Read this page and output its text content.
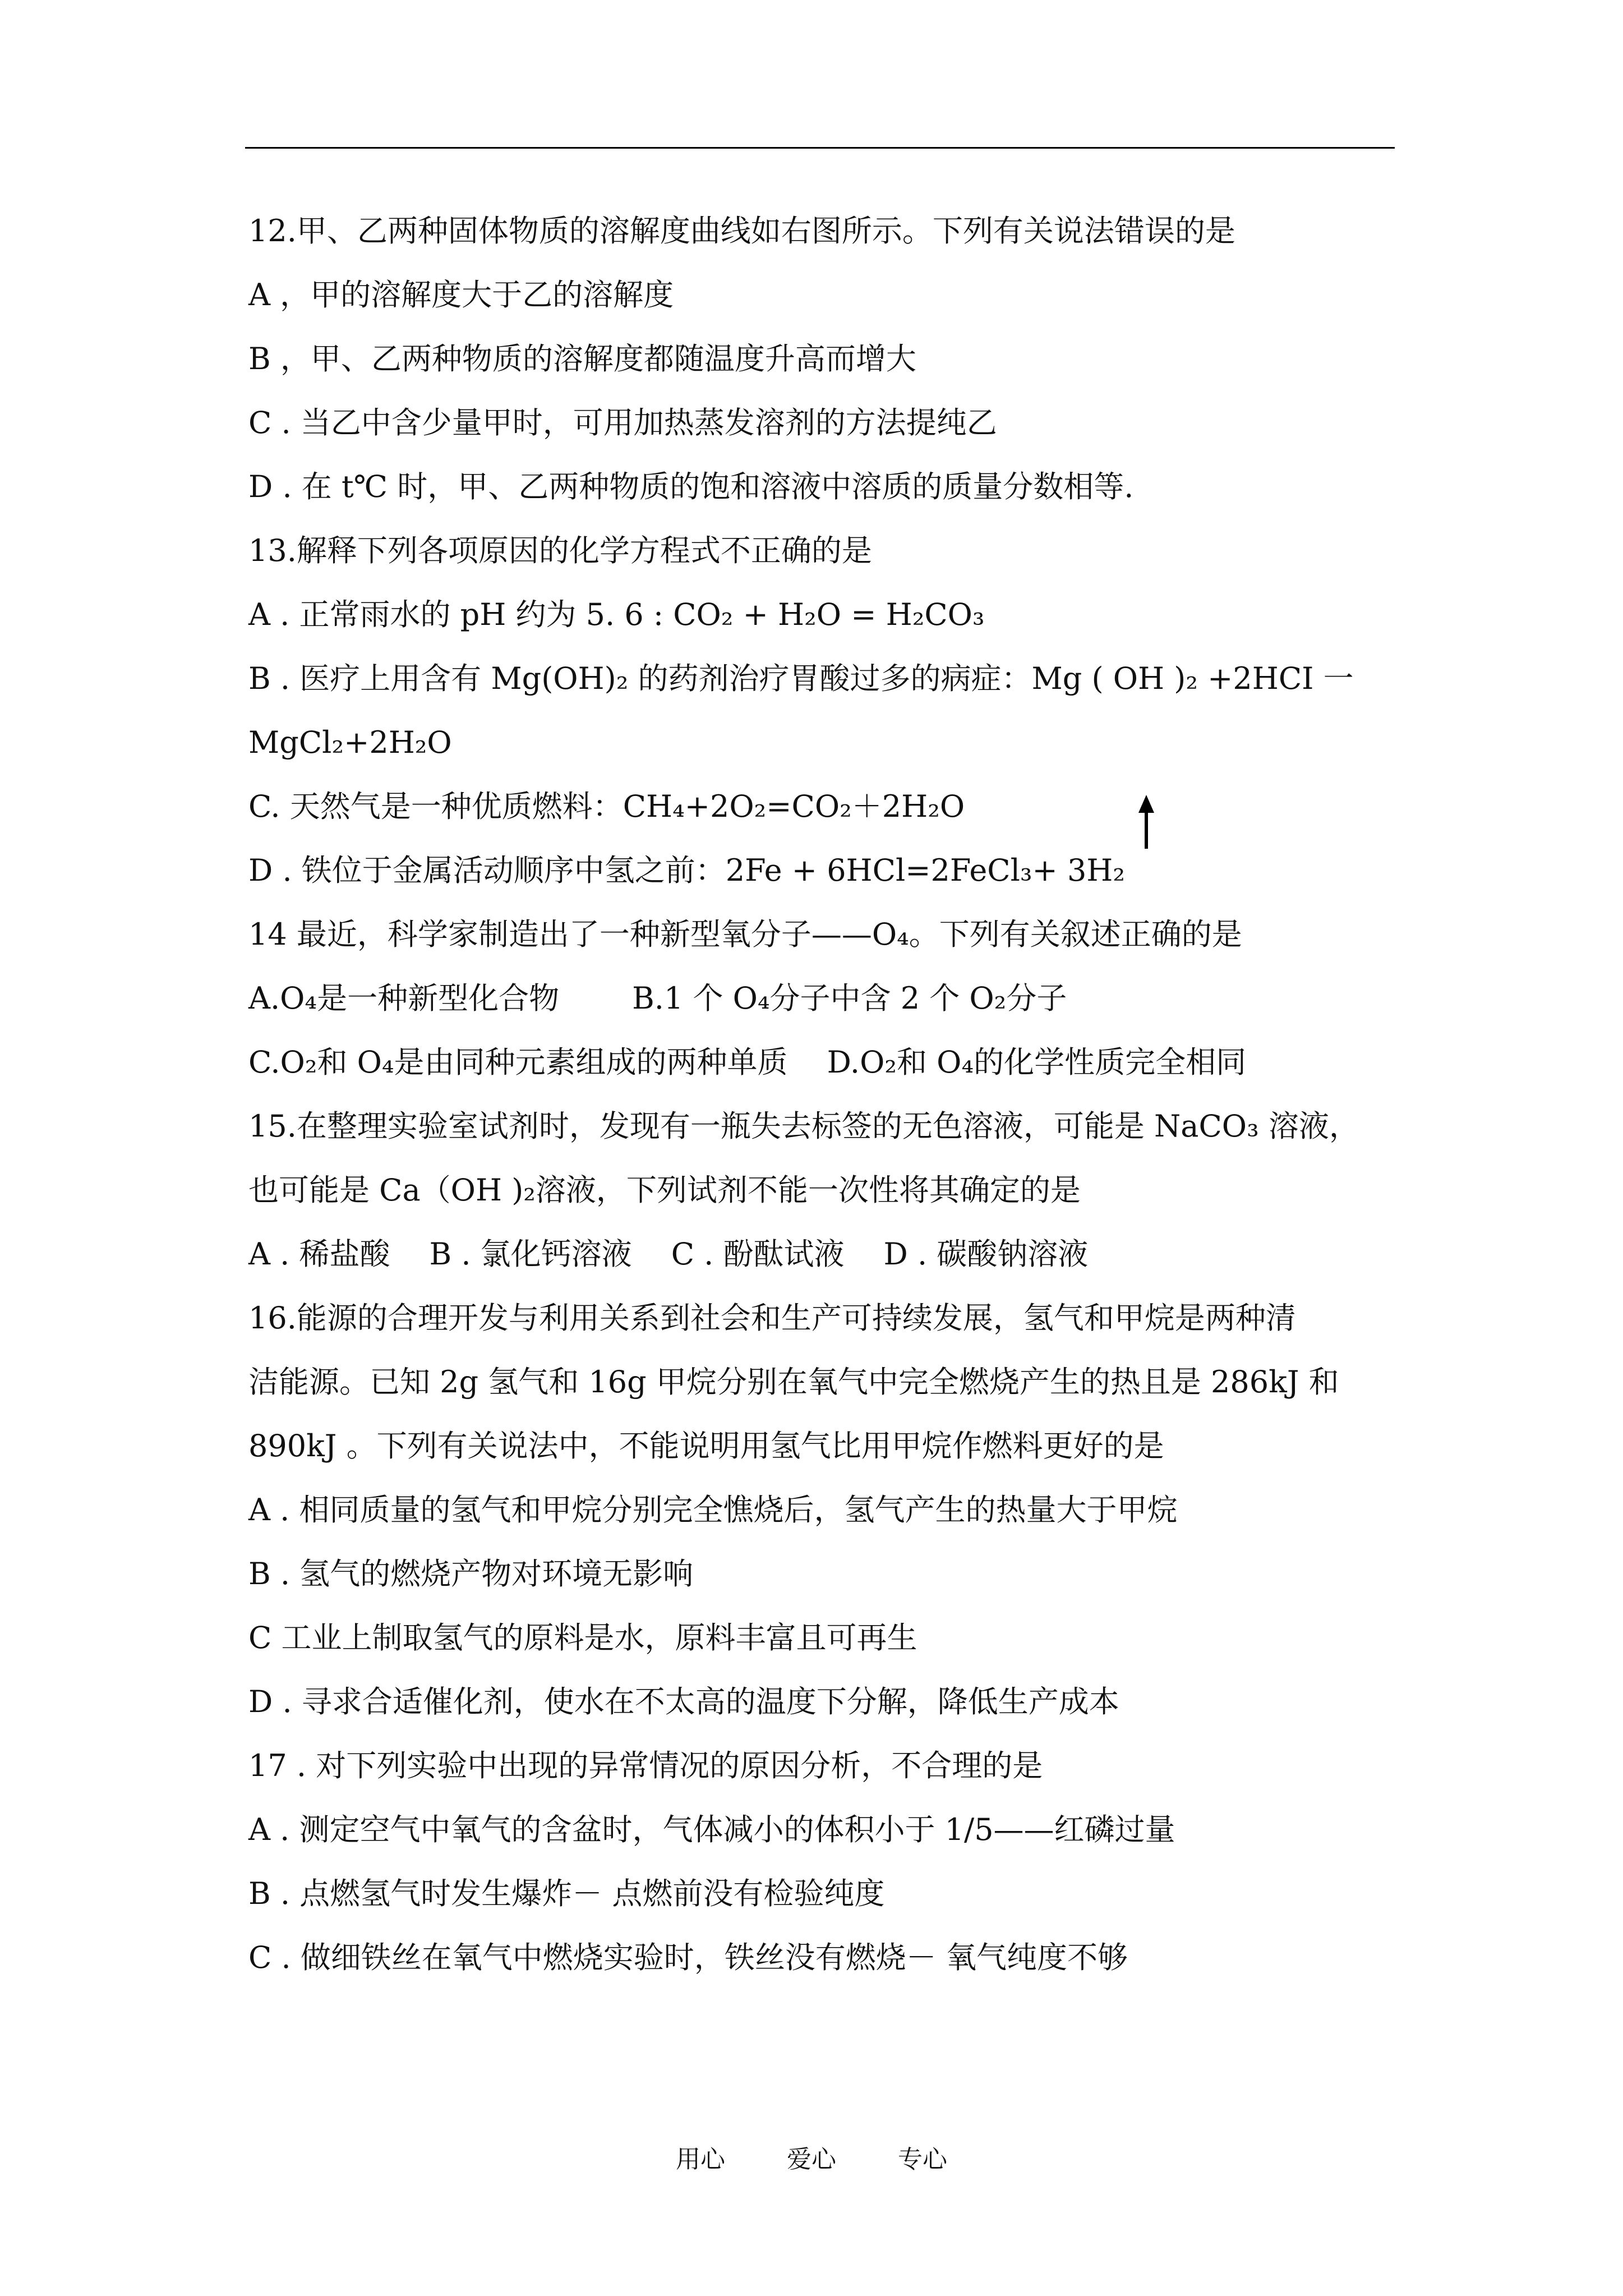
12.甲、乙两种固体物质的溶解度曲线如右图所示。下列有关说法错误的是
A ，甲的溶解度大于乙的溶解度
B ，甲、乙两种物质的溶解度都随温度升高而增大
C . 当乙中含少量甲时，可用加热蒸发溶剂的方法提纯乙
D . 在 t℃ 时，甲、乙两种物质的饱和溶液中溶质的质量分数相等.
13.解释下列各项原因的化学方程式不正确的是
A . 正常雨水的 pH 约为 5. 6 : CO₂ + H₂O = H₂CO₃
B . 医疗上用含有 Mg(OH)₂ 的药剂治疗胃酸过多的病症：Mg ( OH )₂ +2HCI 一
MgCl₂+2H₂O
C. 天然气是一种优质燃料：CH₄+2O₂=CO₂＋2H₂O
D . 铁位于金属活动顺序中氢之前：2Fe + 6HCl=2FeCl₃+ 3H₂
14 最近，科学家制造出了一种新型氧分子——O₄。下列有关叙述正确的是
A.O₄是一种新型化合物 B.1 个 O₄分子中含 2 个 O₂分子
C.O₂和 O₄是由同种元素组成的两种单质 D.O₂和 O₄的化学性质完全相同
15.在整理实验室试剂时，发现有一瓶失去标签的无色溶液，可能是 NaCO₃ 溶液，
也可能是 Ca（OH )₂溶液，下列试剂不能一次性将其确定的是
A . 稀盐酸 B . 氯化钙溶液 C . 酚酞试液 D . 碳酸钠溶液
16.能源的合理开发与利用关系到社会和生产可持续发展，氢气和甲烷是两种清
洁能源。已知 2g 氢气和 16g 甲烷分别在氧气中完全燃烧产生的热且是 286kJ 和
890kJ 。下列有关说法中，不能说明用氢气比用甲烷作燃料更好的是
A . 相同质量的氢气和甲烷分别完全憔烧后，氢气产生的热量大于甲烷
B . 氢气的燃烧产物对环境无影响
C 工业上制取氢气的原料是水，原料丰富且可再生
D . 寻求合适催化剂，使水在不太高的温度下分解，降低生产成本
17 . 对下列实验中出现的异常情况的原因分析，不合理的是
A . 测定空气中氧气的含盆时，气体减小的体积小于 1/5——红磷过量
B . 点燃氢气时发生爆炸－ 点燃前没有检验纯度
C . 做细铁丝在氧气中燃烧实验时，铁丝没有燃烧－ 氧气纯度不够
用心	爱心	专心
